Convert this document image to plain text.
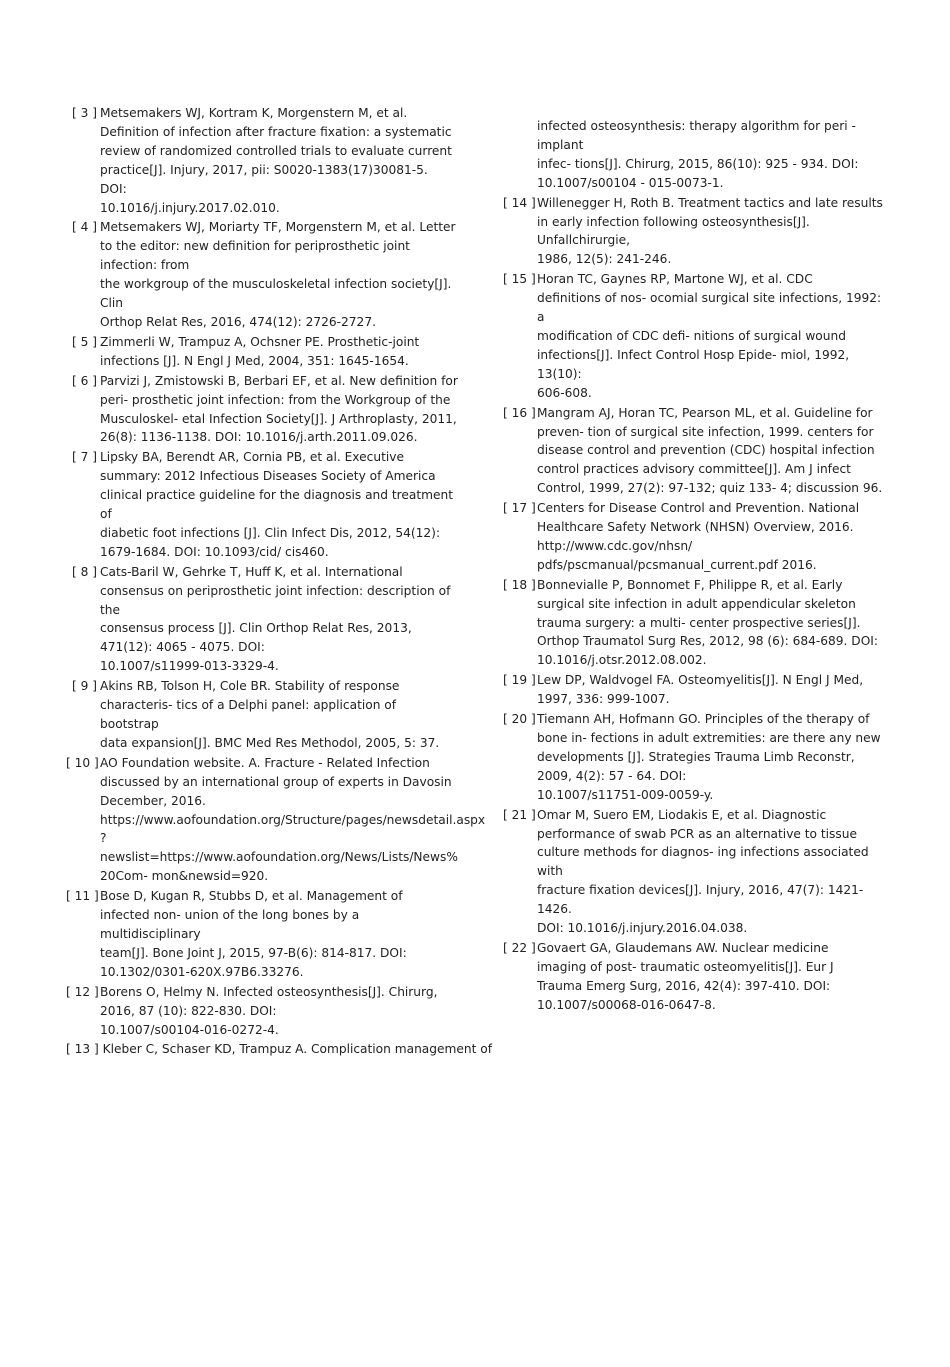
[ 3 ] Metsemakers WJ, Kortram K, Morgenstern M, et al.
Definition of infection after fracture fixation: a systematic
review of randomized controlled trials to evaluate current
practice[J]. Injury, 2017, pii: S0020-1383(17)30081-5. DOI:
10.1016/j.injury.2017.02.010.
[ 4 ] Metsemakers WJ, Moriarty TF, Morgenstern M, et al. Letter
to the editor: new definition for periprosthetic joint infection: from
the workgroup of the musculoskeletal infection society[J]. Clin
Orthop Relat Res, 2016, 474(12): 2726-2727.
[ 5 ] Zimmerli W, Trampuz A, Ochsner PE. Prosthetic-joint
infections [J]. N Engl J Med, 2004, 351: 1645-1654.
[ 6 ] Parvizi J, Zmistowski B, Berbari EF, et al. New definition for
peri- prosthetic joint infection: from the Workgroup of the
Musculoskel- etal Infection Society[J]. J Arthroplasty, 2011,
26(8): 1136-1138. DOI: 10.1016/j.arth.2011.09.026.
[ 7 ] Lipsky BA, Berendt AR, Cornia PB, et al. Executive
summary: 2012 Infectious Diseases Society of America
clinical practice guideline for the diagnosis and treatment of
diabetic foot infections [J]. Clin Infect Dis, 2012, 54(12):
1679-1684. DOI: 10.1093/cid/ cis460.
[ 8 ] Cats-Baril W, Gehrke T, Huff K, et al. International
consensus on periprosthetic joint infection: description of the
consensus process [J]. Clin Orthop Relat Res, 2013,
471(12): 4065 - 4075. DOI:
10.1007/s11999-013-3329-4.
[ 9 ] Akins RB, Tolson H, Cole BR. Stability of response
characteris- tics of a Delphi panel: application of bootstrap
data expansion[J]. BMC Med Res Methodol, 2005, 5: 37.
[ 10 ] AO Foundation website. A. Fracture - Related Infection
discussed by an international group of experts in Davosin
December, 2016.
https://www.aofoundation.org/Structure/pages/newsdetail.aspx
?
newslist=https://www.aofoundation.org/News/Lists/News%
20Com- mon&newsid=920.
[ 11 ] Bose D, Kugan R, Stubbs D, et al. Management of
infected non- union of the long bones by a multidisciplinary
team[J]. Bone Joint J, 2015, 97-B(6): 814-817. DOI:
10.1302/0301-620X.97B6.33276.
[ 12 ] Borens O, Helmy N. Infected osteosynthesis[J]. Chirurg,
2016, 87 (10): 822-830. DOI:
10.1007/s00104-016-0272-4.
[ 13 ] Kleber C, Schaser KD, Trampuz A. Complication management of
infected osteosynthesis: therapy algorithm for peri - implant
infec- tions[J]. Chirurg, 2015, 86(10): 925 - 934. DOI:
10.1007/s00104 - 015-0073-1.
[ 14 ] Willenegger H, Roth B. Treatment tactics and late results
in early infection following osteosynthesis[J]. Unfallchirurgie,
1986, 12(5): 241-246.
[ 15 ] Horan TC, Gaynes RP, Martone WJ, et al. CDC
definitions of nos- ocomial surgical site infections, 1992: a
modification of CDC defi- nitions of surgical wound
infections[J]. Infect Control Hosp Epide- miol, 1992, 13(10):
606-608.
[ 16 ] Mangram AJ, Horan TC, Pearson ML, et al. Guideline for
preven- tion of surgical site infection, 1999. centers for
disease control and prevention (CDC) hospital infection
control practices advisory committee[J]. Am J infect
Control, 1999, 27(2): 97-132; quiz 133- 4; discussion 96.
[ 17 ] Centers for Disease Control and Prevention. National
Healthcare Safety Network (NHSN) Overview, 2016.
http://www.cdc.gov/nhsn/
pdfs/pscmanual/pcsmanual_current.pdf 2016.
[ 18 ] Bonnevialle P, Bonnomet F, Philippe R, et al. Early
surgical site infection in adult appendicular skeleton
trauma surgery: a multi- center prospective series[J].
Orthop Traumatol Surg Res, 2012, 98 (6): 684-689. DOI:
10.1016/j.otsr.2012.08.002.
[ 19 ] Lew DP, Waldvogel FA. Osteomyelitis[J]. N Engl J Med,
1997, 336: 999-1007.
[ 20 ] Tiemann AH, Hofmann GO. Principles of the therapy of
bone in- fections in adult extremities: are there any new
developments [J]. Strategies Trauma Limb Reconstr,
2009, 4(2): 57 - 64. DOI:
10.1007/s11751-009-0059-y.
[ 21 ] Omar M, Suero EM, Liodakis E, et al. Diagnostic
performance of swab PCR as an alternative to tissue
culture methods for diagnos- ing infections associated with
fracture fixation devices[J]. Injury, 2016, 47(7): 1421-1426.
DOI: 10.1016/j.injury.2016.04.038.
[ 22 ] Govaert GA, Glaudemans AW. Nuclear medicine
imaging of post- traumatic osteomyelitis[J]. Eur J
Trauma Emerg Surg, 2016, 42(4): 397-410. DOI:
10.1007/s00068-016-0647-8.
